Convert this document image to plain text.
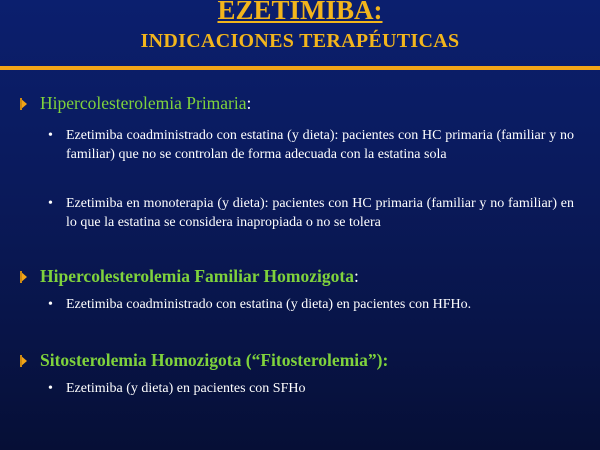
EZETIMIBA:
INDICACIONES TERAPÉUTICAS
Hipercolesterolemia Primaria:
• Ezetimiba coadministrado con estatina (y dieta): pacientes con HC primaria (familiar y no familiar) que no se controlan de forma adecuada con la estatina sola
• Ezetimiba en monoterapia (y dieta): pacientes con HC primaria (familiar y no familiar) en lo que la estatina se considera inapropiada o no se tolera
Hipercolesterolemia Familiar Homozigota:
• Ezetimiba coadministrado con estatina (y dieta) en pacientes con HFHo.
Sitosterolemia Homozigota (“Fitosterolemia”):
• Ezetimiba (y dieta) en pacientes con SFHo
